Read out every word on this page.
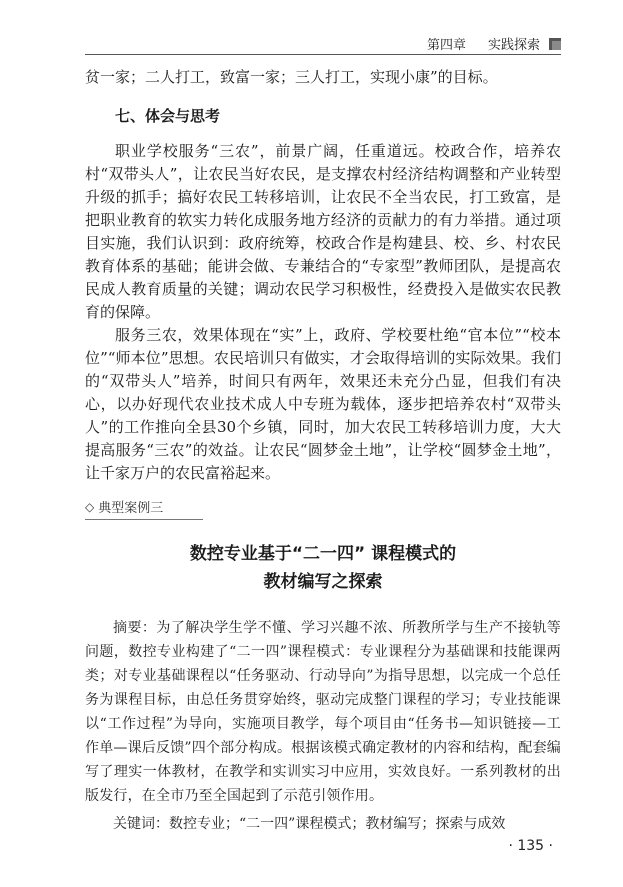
第四章 实践探索

贫一家；二人打工，致富一家；三人打工，实现小康”的目标。

七、体会与思考

职业学校服务“三农”，前景广阔，任重道远。校政合作，培养农村“双带头人”，让农民当好农民，是支撑农村经济结构调整和产业转型升级的抓手；搞好农民工转移培训，让农民不全当农民，打工致富，是把职业教育的软实力转化成服务地方经济的贡献力的有力举措。通过项目实施，我们认识到：政府统筹，校政合作是构建县、校、乡、村农民教育体系的基础；能讲会做、专兼结合的“专家型”教师团队，是提高农民成人教育质量的关键；调动农民学习积极性，经费投入是做实农民教育的保障。

服务三农，效果体现在“实”上，政府、学校要杜绝“官本位”“校本位”“师本位”思想。农民培训只有做实，才会取得培训的实际效果。我们的“双带头人”培养，时间只有两年，效果还未充分凸显，但我们有决心，以办好现代农业技术成人中专班为载体，逐步把培养农村“双带头人”的工作推向全县30个乡镇，同时，加大农民工转移培训力度，大大提高服务“三农”的效益。让农民“圆梦金土地”，让学校“圆梦金土地”，让千家万户的农民富裕起来。

◇ 典型案例三
数控专业基于“二一四” 课程模式的
教材编写之探索

摘要：为了解决学生学不懂、学习兴趣不浓、所教所学与生产不接轨等问题，数控专业构建了“二一四”课程模式：专业课程分为基础课和技能课两类；对专业基础课程以“任务驱动、行动导向”为指导思想，以完成一个总任务为课程目标，由总任务贯穿始终，驱动完成整门课程的学习；专业技能课以“工作过程”为导向，实施项目教学，每个项目由“任务书—知识链接—工作单—课后反馈”四个部分构成。根据该模式确定教材的内容和结构，配套编写了理实一体教材，在教学和实训实习中应用，实效良好。一系列教材的出版发行，在全市乃至全国起到了示范引领作用。

关键词：数控专业；“二一四”课程模式；教材编写；探索与成效

· 135 ·
